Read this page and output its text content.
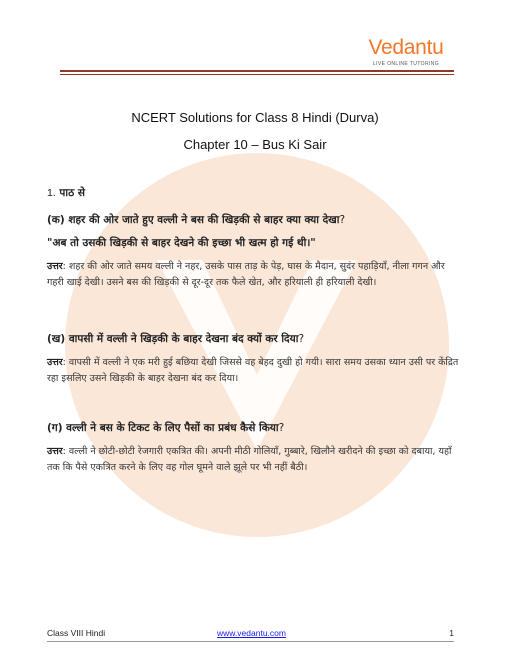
Vedantu
LIVE ONLINE TUTORING
NCERT Solutions for Class 8 Hindi (Durva)
Chapter 10 – Bus Ki Sair

1. पाठ से

(क) शहर की ओर जाते हुए वल्ली ने बस की खिड़की से बाहर क्या क्या देखा?

"अब तो उसकी खिड़की से बाहर देखने की इच्छा भी खत्म हो गई थी।"

उत्तर: शहर की ओर जाते समय वल्ली ने नहर, उसके पास ताड़ के पेड़, घास के मैदान, सुदंर पहाड़ियाँ, नीला गगन और गहरी खाई देखी। उसने बस की खिड़की से दूर-दूर तक फैले खेत, और हरियाली ही हरियाली देखी।

(ख) वापसी में वल्ली ने खिड़की के बाहर देखना बंद क्यों कर दिया?

उत्तर: वापसी में वल्ली ने एक मरी हुई बछिया देखी जिससे वह बेहद दुखी हो गयी। सारा समय उसका ध्यान उसी पर केंद्रित रहा इसलिए उसने खिड़की के बाहर देखना बंद कर दिया।

(ग) वल्ली ने बस के टिकट के लिए पैसों का प्रबंध कैसे किया?

उत्तर: वल्ली ने छोटी-छोटी रेजगारी एकत्रित की। अपनी मीठी गोलियाँ, गुब्बारे, खिलौने खरीदने की इच्छा को दबाया, यहाँ तक कि पैसे एकत्रित करने के लिए वह गोल घूमने वाले झूले पर भी नहीं बैठी।

Class VIII Hindi	www.vedantu.com	1
